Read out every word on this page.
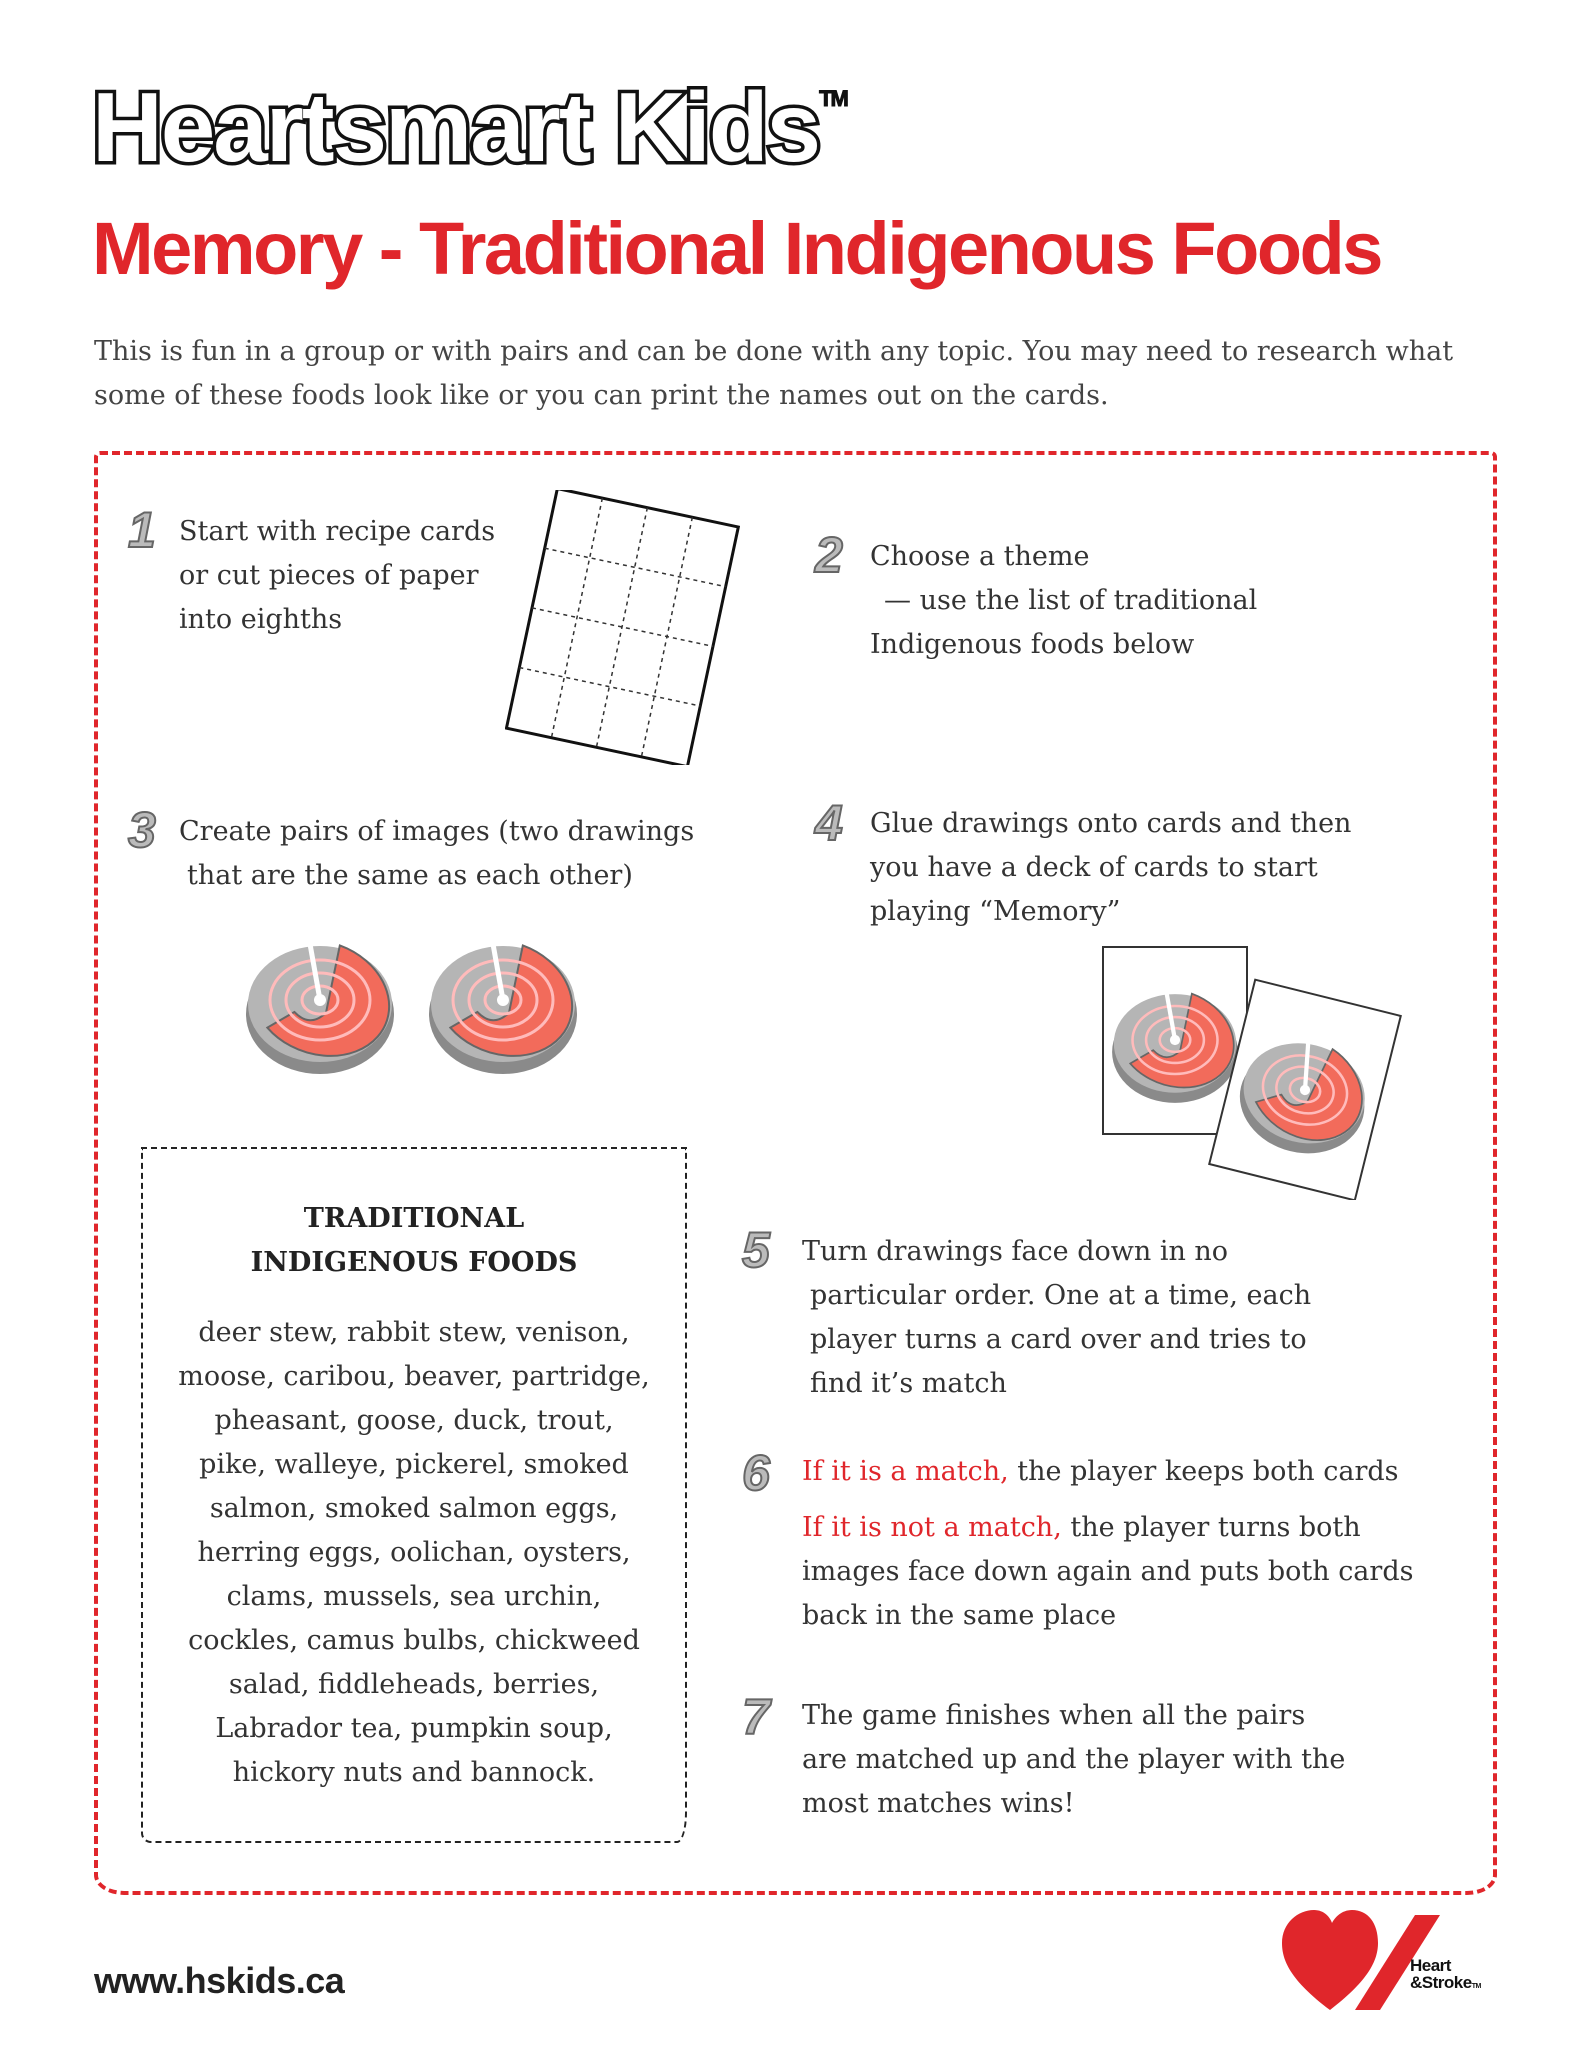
Heartsmart Kids™
Memory - Traditional Indigenous Foods
This is fun in a group or with pairs and can be done with any topic. You may need to research what some of these foods look like or you can print the names out on the cards.
1 Start with recipe cards
or cut pieces of paper
into eighths
2 Choose a theme
— use the list of traditional
Indigenous foods below
3 Create pairs of images (two drawings
that are the same as each other)
4 Glue drawings onto cards and then
you have a deck of cards to start
playing “Memory”
TRADITIONAL
INDIGENOUS FOODS
deer stew, rabbit stew, venison,
moose, caribou, beaver, partridge,
pheasant, goose, duck, trout,
pike, walleye, pickerel, smoked
salmon, smoked salmon eggs,
herring eggs, oolichan, oysters,
clams, mussels, sea urchin,
cockles, camus bulbs, chickweed
salad, fiddleheads, berries,
Labrador tea, pumpkin soup,
hickory nuts and bannock.
5 Turn drawings face down in no
particular order. One at a time, each
player turns a card over and tries to
find it’s match
6 If it is a match, the player keeps both cards
If it is not a match, the player turns both
images face down again and puts both cards
back in the same place
7 The game finishes when all the pairs
are matched up and the player with the
most matches wins!
www.hskids.ca	Heart
&StrokeTM
